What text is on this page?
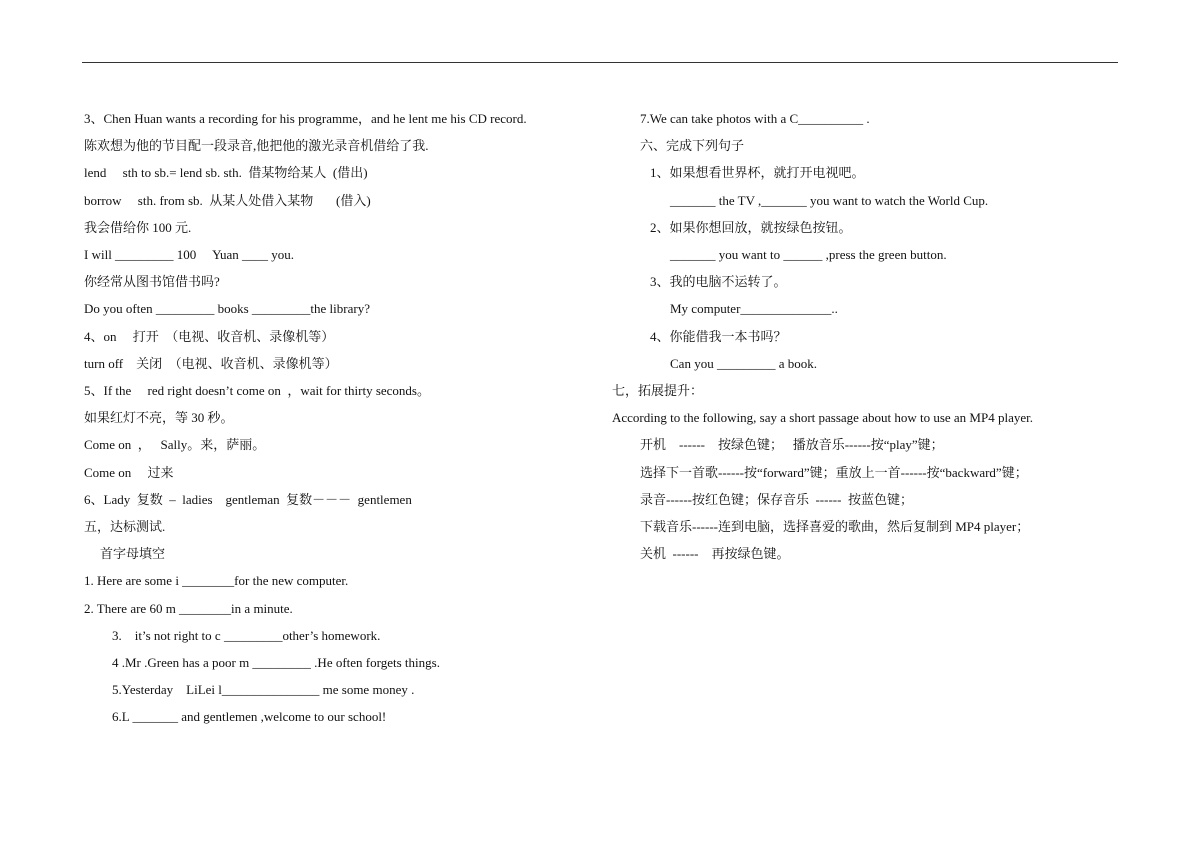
3、Chen Huan wants a recording for his programme，and he lent me his CD record.
陈欢想为他的节目配一段录音,他把他的激光录音机借给了我.
lend     sth to sb.= lend sb. sth.  借某物给某人  (借出)
borrow     sth. from sb.  从某人处借入某物       (借入)
我会借给你 100 元.
I will _________ 100     Yuan ____ you.
你经常从图书馆借书吗?
Do you often _________ books _________the library?
4、on     打开  （电视、收音机、录像机等）
turn off    关闭  （电视、收音机、录像机等）
5、If the     red right doesn’t come on  ，wait for thirty seconds。
如果红灯不亮，等 30 秒。
Come on  ，   Sally。来，萨丽。
Come on     过来
6、Lady  复数  –  ladies    gentleman  复数－－－  gentlemen
五，达标测试.
首字母填空
1. Here are some i ________for the new computer.
2. There are 60 m ________in a minute.
3.    it’s not right to c _________other’s homework.
4 .Mr .Green has a poor m _________ .He often forgets things.
5.Yesterday    LiLei l_______________ me some money .
6.L _______ and gentlemen ,welcome to our school!
7.We can take photos with a C__________ .
六、完成下列句子
1、如果想看世界杯，就打开电视吧。
_______ the TV ,_______ you want to watch the World Cup.
2、如果你想回放，就按绿色按钮。
_______ you want to ______ ,press the green button.
3、我的电脑不运转了。
My computer______________..
4、你能借我一本书吗？
Can you _________ a book.
七，拓展提升：
According to the following, say a short passage about how to use an MP4 player.
开机    ------    按绿色键；   播放音乐------按“play”键；
选择下一首歌------按“forward”键；重放上一首------按“backward”键；
录音------按红色键；保存音乐  ------  按蓝色键；
下载音乐------连到电脑，选择喜爱的歌曲，然后复制到 MP4 player；
关机  ------    再按绿色键。
